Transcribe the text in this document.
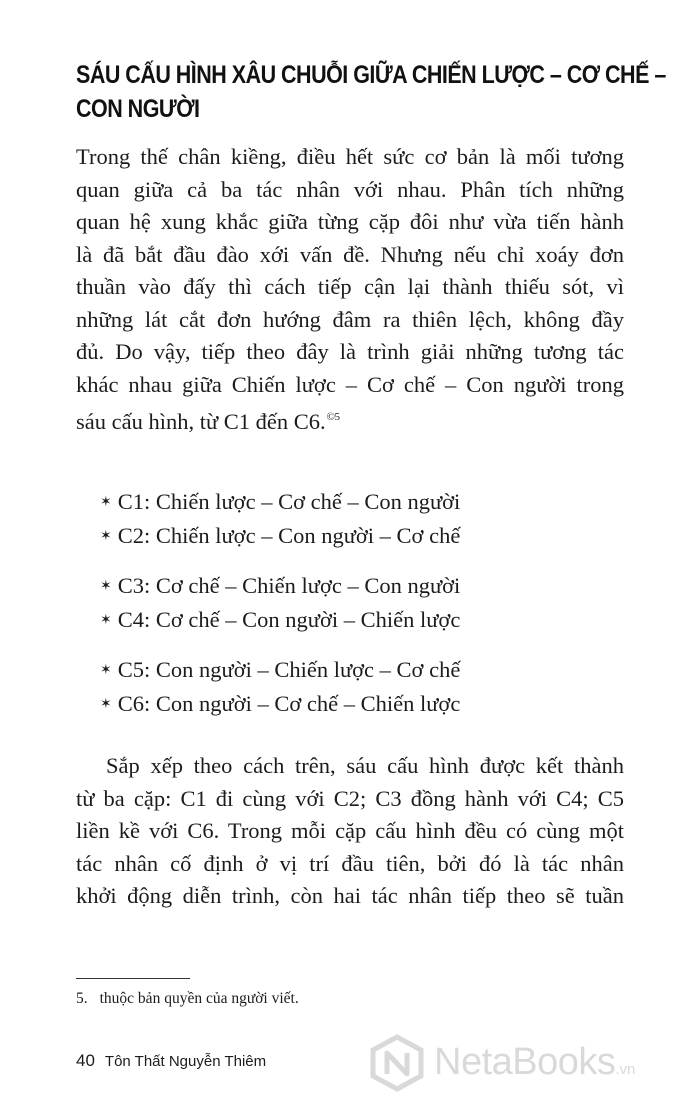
SÁU CẤU HÌNH XÂU CHUỖI GIỮA CHIẾN LƯỢC – CƠ CHẾ –
CON NGƯỜI
Trong thế chân kiềng, điều hết sức cơ bản là mối tương
quan giữa cả ba tác nhân với nhau. Phân tích những
quan hệ xung khắc giữa từng cặp đôi như vừa tiến hành
là đã bắt đầu đào xới vấn đề. Nhưng nếu chỉ xoáy đơn
thuần vào đấy thì cách tiếp cận lại thành thiếu sót, vì
những lát cắt đơn hướng đâm ra thiên lệch, không đầy
đủ. Do vậy, tiếp theo đây là trình giải những tương tác
khác nhau giữa Chiến lược – Cơ chế – Con người trong
sáu cấu hình, từ C1 đến C6.$^{©5}$
✶ C1: Chiến lược – Cơ chế – Con người
✶ C2: Chiến lược – Con người – Cơ chế
✶ C3: Cơ chế – Chiến lược – Con người
✶ C4: Cơ chế – Con người – Chiến lược
✶ C5: Con người – Chiến lược – Cơ chế
✶ C6: Con người – Cơ chế – Chiến lược
Sắp xếp theo cách trên, sáu cấu hình được kết thành
từ ba cặp: C1 đi cùng với C2; C3 đồng hành với C4; C5
liền kề với C6. Trong mỗi cặp cấu hình đều có cùng một
tác nhân cố định ở vị trí đầu tiên, bởi đó là tác nhân
khởi động diễn trình, còn hai tác nhân tiếp theo sẽ tuần
5. thuộc bản quyền của người viết.
40 Tôn Thất Nguyễn Thiêm	NetaBooks.vn
